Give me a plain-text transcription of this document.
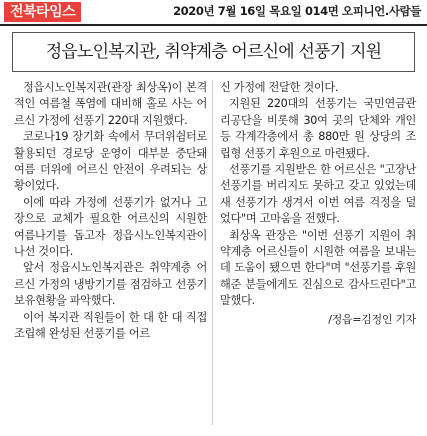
전북타임스	2020년 7월 16일 목요일 014면 오피니언.사람들
정읍노인복지관, 취약계층 어르신에 선풍기 지원

정읍시노인복지관(관장 최상옥)이 본격적인 여름철 폭염에 대비해 홀로 사는 어르신 가정에 선풍기 220대 지원했다.

코로나19 장기화 속에서 무더위쉼터로 활용되던 경로당 운영이 대부분 중단돼 여름 더위에 어르신 안전이 우려되는 상황이었다.

이에 따라 가정에 선풍기가 없거나 고장으로 교체가 필요한 어르신의 시원한 여름나기를 돕고자 정읍시노인복지관이 나선 것이다.

앞서 정읍시노인복지관은 취약계층 어르신 가정의 냉방기기를 점검하고 선풍기 보유현황을 파악했다.

이어 복지관 직원들이 한 대 한 대 직접 조립해 완성된 선풍기를 어르

신 가정에 전달한 것이다.

지원된 220대의 선풍기는 국민연금관리공단을 비롯해 30여 곳의 단체와 개인 등 각계각층에서 총 880만 원 상당의 조립형 선풍기 후원으로 마련됐다.

선풍기를 지원받은 한 어르신은 "고장난 선풍기를 버리지도 못하고 갖고 있었는데 새 선풍기가 생겨서 이번 여름 걱정을 덜었다"며 고마움을 전했다.

최상옥 관장은 "이번 선풍기 지원이 취약계층 어르신들이 시원한 여름을 보내는 데 도움이 됐으면 한다"며 "선풍기를 후원해준 분들에게도 진심으로 감사드린다"고 말했다.

/정읍=김정인 기자
